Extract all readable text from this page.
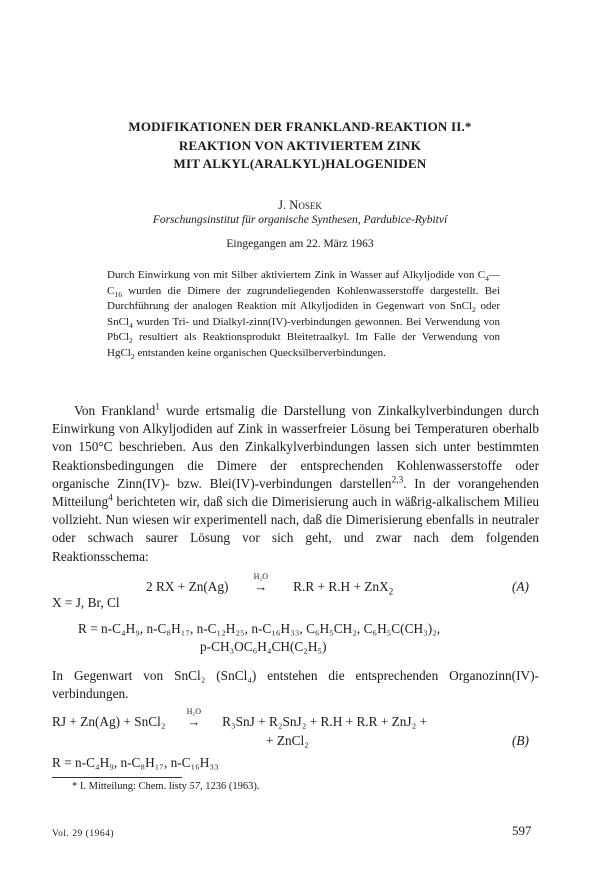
MODIFIKATIONEN DER FRANKLAND-REAKTION II.*
REAKTION VON AKTIVIERTEM ZINK
MIT ALKYL(ARALKYL)HALOGENIDEN
J. Nosek
Forschungsinstitut für organische Synthesen, Pardubice-Rybitví
Eingegangen am 22. März 1963
Durch Einwirkung von mit Silber aktiviertem Zink in Wasser auf Alkyljodide von $C_4—C_{16}$ wurden die Dimere der zugrundeliegenden Kohlenwasserstoffe dargestellt. Bei Durchführung der analogen Reaktion mit Alkyljodiden in Gegenwart von SnCl$_2$ oder SnCl$_4$ wurden Tri- und Dialkyl-zinn(IV)-verbindungen gewonnen. Bei Verwendung von PbCl$_2$ resultiert als Reaktionsprodukt Bleitetraalkyl. Im Falle der Verwendung von HgCl$_2$ entstanden keine organischen Quecksilberverbindungen.
Von Frankland$^1$ wurde ertsmalig die Darstellung von Zinkalkylverbindungen durch Einwirkung von Alkyljodiden auf Zink in wasserfreier Lösung bei Temperaturen oberhalb von 150°C beschrieben. Aus den Zinkalkylverbindungen lassen sich unter bestimmten Reaktionsbedingungen die Dimere der entsprechenden Kohlenwasserstoffe oder organische Zinn(IV)- bzw. Blei(IV)-verbindungen darstellen$^{2,3}$. In der vorangehenden Mitteilung$^4$ berichteten wir, daß sich die Dimerisierung auch in wäßrig-alkalischem Milieu vollzieht. Nun wiesen wir experimentell nach, daß die Dimerisierung ebenfalls in neutraler oder schwach saurer Lösung vor sich geht, und zwar nach dem folgenden Reaktionsschema:
2 RX + Zn(Ag)
H₂O
→ R.R + R.H + ZnX$_2$	(A)
X = J, Br, Cl
R = n-C₄H₉, n-C₈H₁₇, n-C₁₂H₂₅, n-C₁₆H₃₃, C₆H₅CH₂, C₆H₅C(CH₃)₂,
p-CH₃OC₆H₄CH(C₂H₅)
In Gegenwart von SnCl₂ (SnCl₄) entstehen die entsprechenden Organozinn(IV)-verbindungen.
RJ + Zn(Ag) + SnCl₂
H₂O
→ R₃SnJ + R₂SnJ₂ + R.H + R.R + ZnJ₂ +
+ ZnCl₂	(B)
R = n-C₄H₉, n-C₈H₁₇, n-C₁₆H₃₃
* I. Mitteilung: Chem. listy 57, 1236 (1963).
Vol. 29 (1964)	597
